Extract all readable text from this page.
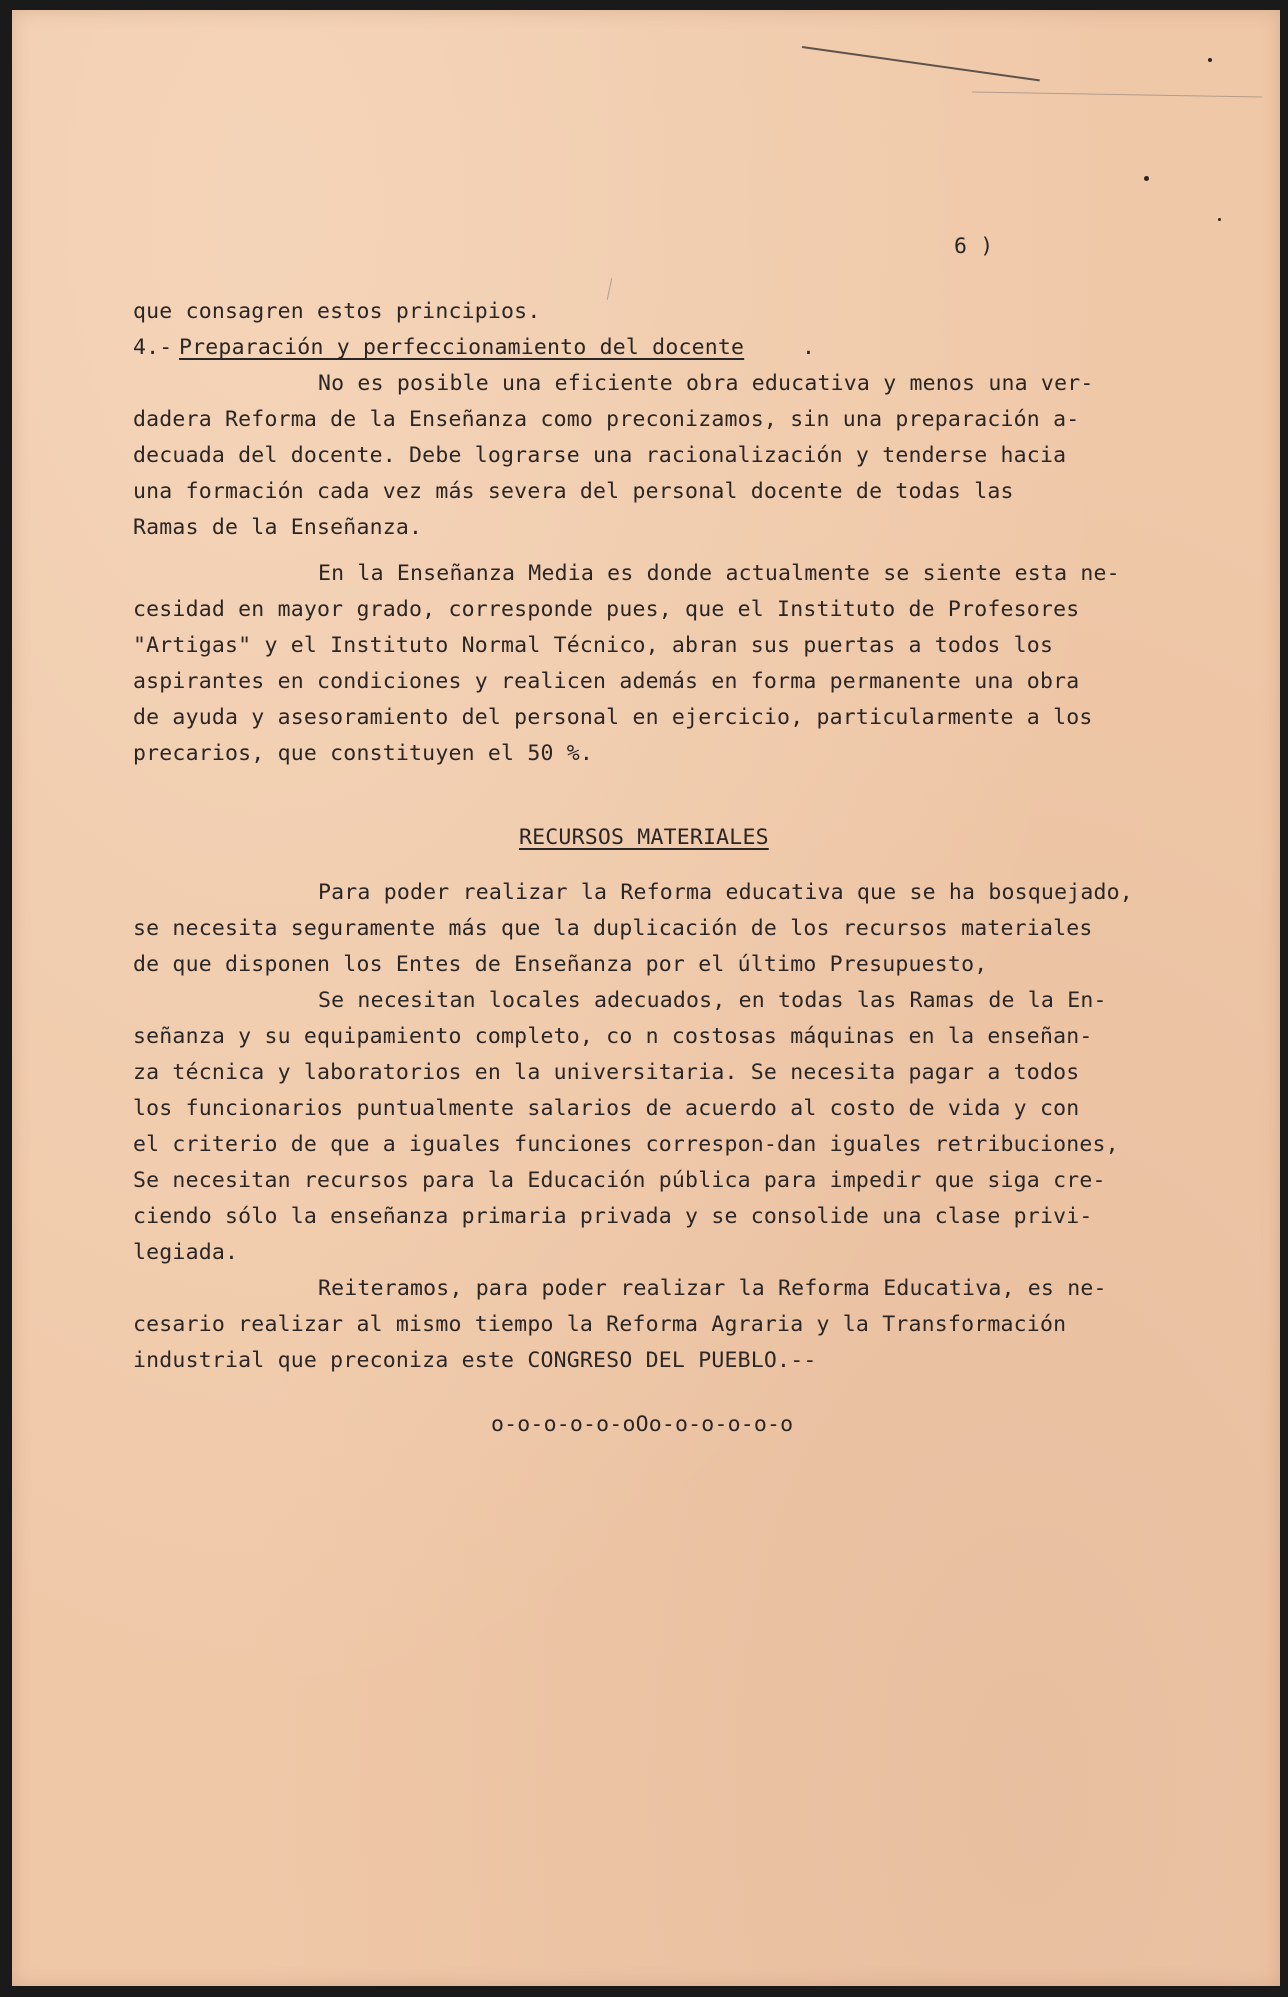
6 )
que consagren estos principios.
4.-
Preparación y perfeccionamiento del docente	.
No es posible una eficiente obra educativa y menos una ver-
dadera Reforma de la Enseñanza como preconizamos, sin una preparación a-
decuada del docente. Debe lograrse una racionalización y tenderse hacia
una formación cada vez más severa del personal docente de todas las
Ramas de la Enseñanza.
En la Enseñanza Media es donde actualmente se siente esta ne-
cesidad en mayor grado, corresponde pues, que el Instituto de Profesores
"Artigas" y el Instituto Normal Técnico, abran sus puertas a todos los
aspirantes en condiciones y realicen además en forma permanente una obra
de ayuda y asesoramiento del personal en ejercicio, particularmente a los
precarios, que constituyen el 50 %.
RECURSOS MATERIALES
Para poder realizar la Reforma educativa que se ha bosquejado,
se necesita seguramente más que la duplicación de los recursos materiales
de que disponen los Entes de Enseñanza por el último Presupuesto,
Se necesitan locales adecuados, en todas las Ramas de la En-
señanza y su equipamiento completo, co n costosas máquinas en la enseñan-
za técnica y laboratorios en la universitaria. Se necesita pagar a todos
los funcionarios puntualmente salarios de acuerdo al costo de vida y con
el criterio de que a iguales funciones correspon-dan iguales retribuciones,
Se necesitan recursos para la Educación pública para impedir que siga cre-
ciendo sólo la enseñanza primaria privada y se consolide una clase privi-
legiada.
Reiteramos, para poder realizar la Reforma Educativa, es ne-
cesario realizar al mismo tiempo la Reforma Agraria y la Transformación
industrial que preconiza este CONGRESO DEL PUEBLO.--
o-o-o-o-o-oOo-o-o-o-o-o
